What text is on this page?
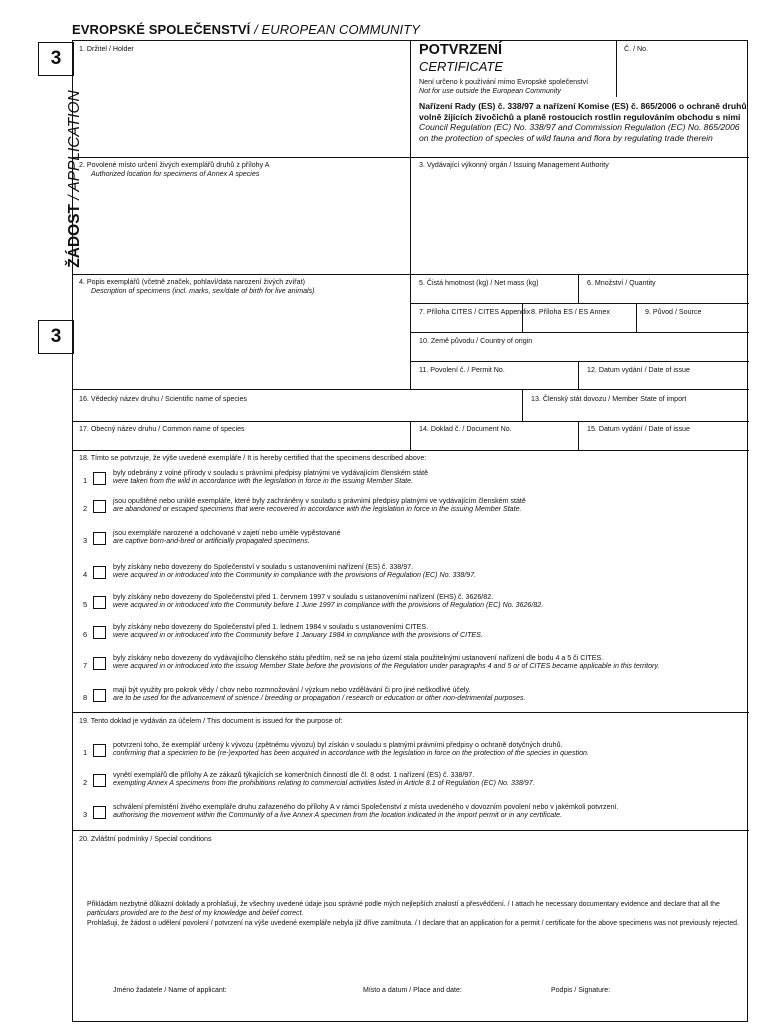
EVROPSKÉ SPOLEČENSTVÍ / EUROPEAN COMMUNITY
3
ŽÁDOST / APPLICATION
3
1. Držitel / Holder	POTVRZENÍ
CERTIFICATE
Č. / No.
Není určeno k používání mimo Evropské společenství
Not for use outside the European Community
Nařízení Rady (ES) č. 338/97 a nařízení Komise (ES) č. 865/2006 o ochraně druhů
volně žijících živočichů a planě rostoucích rostlin regulováním obchodu s nimi
Council Regulation (EC) No. 338/97 and Commission Regulation (EC) No. 865/2006
on the protection of species of wild fauna and flora by regulating trade therein
2. Povolené místo určení živých exemplářů druhů z přílohy A
Authorized location for specimens of Annex A species
3. Vydávající výkonný orgán / Issuing Management Authority
4. Popis exemplářů (včetně značek, pohlaví/data narození živých zvířat)
Description of specimens (incl. marks, sex/date of birth for live animals)
5. Čistá hmotnost (kg) / Net mass (kg)	6. Množství / Quantity
7. Příloha CITES / CITES Appendix 8. Příloha ES / ES Annex	9. Původ / Source
10. Země původu / Country of origin
11. Povolení č. / Permit No.	12. Datum vydání / Date of issue
16. Vědecký název druhu / Scientific name of species	13. Členský stát dovozu / Member State of import
17. Obecný název druhu / Common name of species	14. Doklad č. / Document No.	15. Datum vydání / Date of issue
18. Tímto se potvrzuje, že výše uvedené exempláře / It is hereby certified that the specimens described above:
1
byly odebrány z volné přírody v souladu s právními předpisy platnými ve vydávajícím členském státě
were taken from the wild in accordance with the legislation in force in the issuing Member State.
2
jsou opuštěné nebo uniklé exempláře, které byly zachráněny v souladu s právními předpisy platnými ve vydávajícím členském státě
are abandoned or escaped specimens that were recovered in accordance with the legislation in force in the issuing Member State.
3
jsou exempláře narozené a odchované v zajetí nebo uměle vypěstované
are captive born-and-bred or artificially propagated specimens.
4
byly získány nebo dovezeny do Společenství v souladu s ustanoveními nařízení (ES) č. 338/97.
were acquired in or introduced into the Community in compliance with the provisions of Regulation (EC) No. 338/97.
5
byly získány nebo dovezeny do Společenství před 1. červnem 1997 v souladu s ustanoveními nařízení (EHS) č. 3626/82.
were acquired in or introduced into the Community before 1 June 1997 in compliance with the provisions of Regulation (EC) No. 3626/82.
6
byly získány nebo dovezeny do Společenství před 1. lednem 1984 v souladu s ustanoveními CITES.
were acquired in or introduced into the Community before 1 January 1984 in compliance with the provisions of CITES.
7
byly získány nebo dovezeny do vydávajícího členského státu předtím, než se na jeho území stala použitelnými ustanovení nařízení dle bodu 4 a 5 či CITES.
were acquired in or introduced into the issuing Member State before the provisions of the Regulation under paragraphs 4 and 5 or of CITES became applicable in this territory.
8
mají být využity pro pokrok vědy / chov nebo rozmnožování / výzkum nebo vzdělávání či pro jiné neškodlivé účely.
are to be used for the advancement of science / breeding or propagation / research or education or other non-detrimental purposes.
19. Tento doklad je vydáván za účelem / This document is issued for the purpose of:
1
potvrzení toho, že exemplář určený k vývozu (zpětnému vývozu) byl získán v souladu s platnými právními předpisy o ochraně dotyčných druhů.
confirming that a specimen to be (re-)exported has been acquired in accordance with the legislation in force on the protection of the species in question.
2
vynětí exemplářů dle přílohy A ze zákazů týkajících se komerčních činností dle čl. 8 odst. 1 nařízení (ES) č. 338/97.
exempting Annex A specimens from the prohibitions relating to commercial activities listed in Article 8.1 of Regulation (EC) No. 338/97.
3
schválení přemístění živého exempláře druhu zařazeného do přílohy A v rámci Společenství z místa uvedeného v dovozním povolení nebo v jakémkoli potvrzení.
authorising the movement within the Community of a live Annex A specimen from the location indicated in the import permit or in any certificate.
20. Zvláštní podmínky / Special conditions
Přikládám nezbytné důkazní doklady a prohlašuji, že všechny uvedené údaje jsou správné podle mých nejlepších znalostí a přesvědčení. / I attach he necessary documentary evidence and declare that all the
particulars provided are to the best of my knowledge and belief correct.
Prohlašuji, že žádost o udělení povolení / potvrzení na výše uvedené exempláře nebyla již dříve zamítnuta. / I declare that an application for a permit / certificate for the above specimens was not previously rejected.
Jméno žadatele / Name of applicant:	Místo a datum / Place and date:	Podpis / Signature:
